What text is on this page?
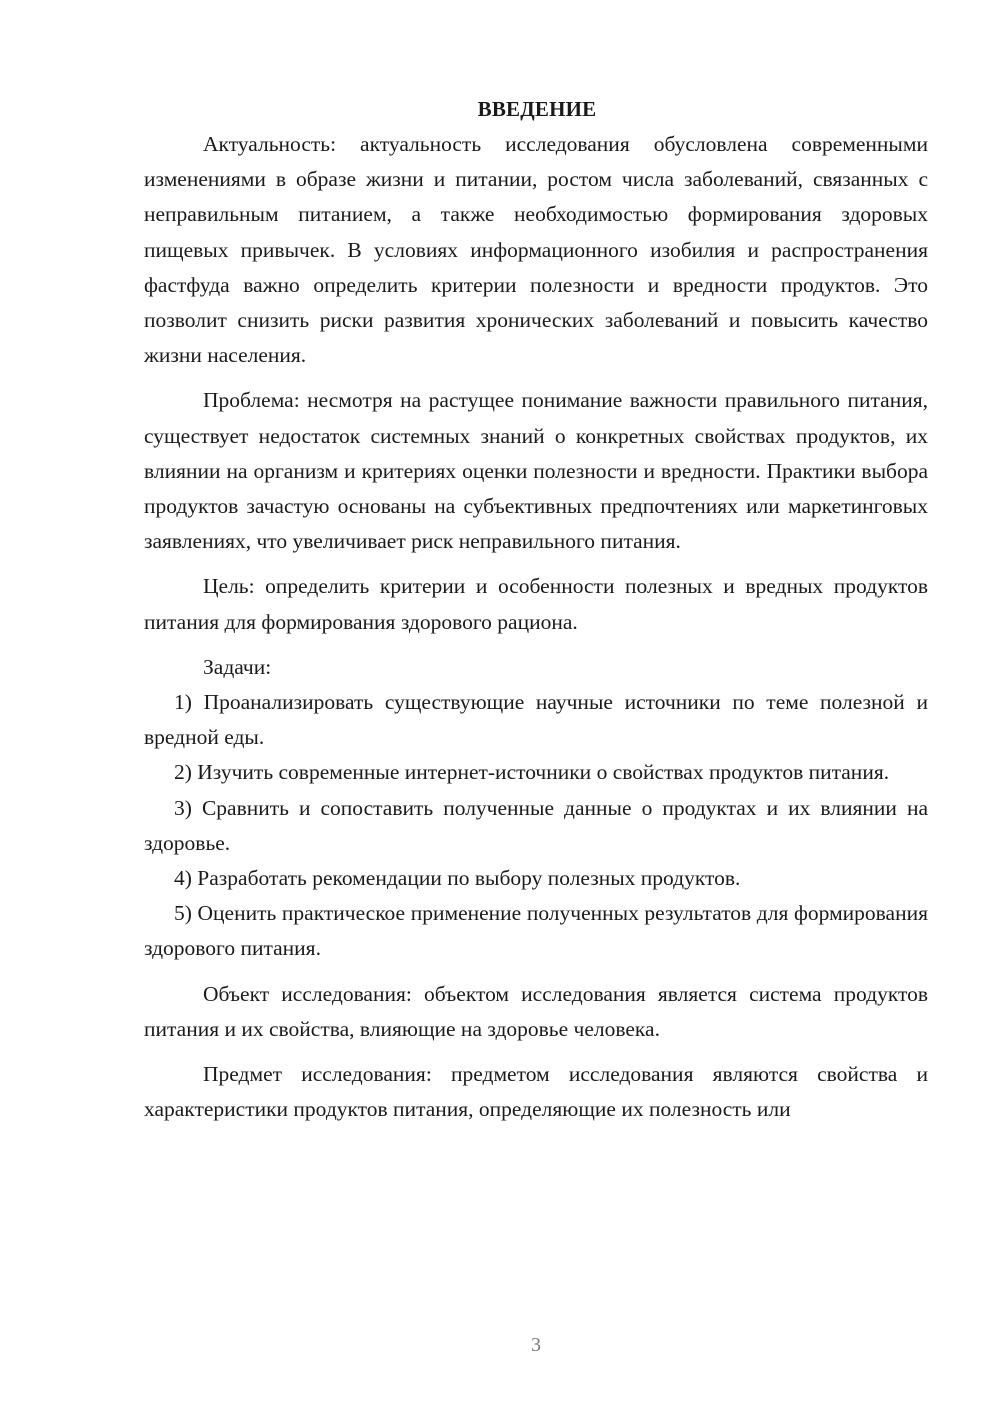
ВВЕДЕНИЕ

Актуальность: актуальность исследования обусловлена современными изменениями в образе жизни и питании, ростом числа заболеваний, связанных с неправильным питанием, а также необходимостью формирования здоровых пищевых привычек. В условиях информационного изобилия и распространения фастфуда важно определить критерии полезности и вредности продуктов. Это позволит снизить риски развития хронических заболеваний и повысить качество жизни населения.

Проблема: несмотря на растущее понимание важности правильного питания, существует недостаток системных знаний о конкретных свойствах продуктов, их влиянии на организм и критериях оценки полезности и вредности. Практики выбора продуктов зачастую основаны на субъективных предпочтениях или маркетинговых заявлениях, что увеличивает риск неправильного питания.

Цель: определить критерии и особенности полезных и вредных продуктов питания для формирования здорового рациона.

Задачи:

1) Проанализировать существующие научные источники по теме полезной и вредной еды.

2) Изучить современные интернет-источники о свойствах продуктов питания.

3) Сравнить и сопоставить полученные данные о продуктах и их влиянии на здоровье.

4) Разработать рекомендации по выбору полезных продуктов.

5) Оценить практическое применение полученных результатов для формирования здорового питания.

Объект исследования: объектом исследования является система продуктов питания и их свойства, влияющие на здоровье человека.

Предмет исследования: предметом исследования являются свойства и характеристики продуктов питания, определяющие их полезность или

3
